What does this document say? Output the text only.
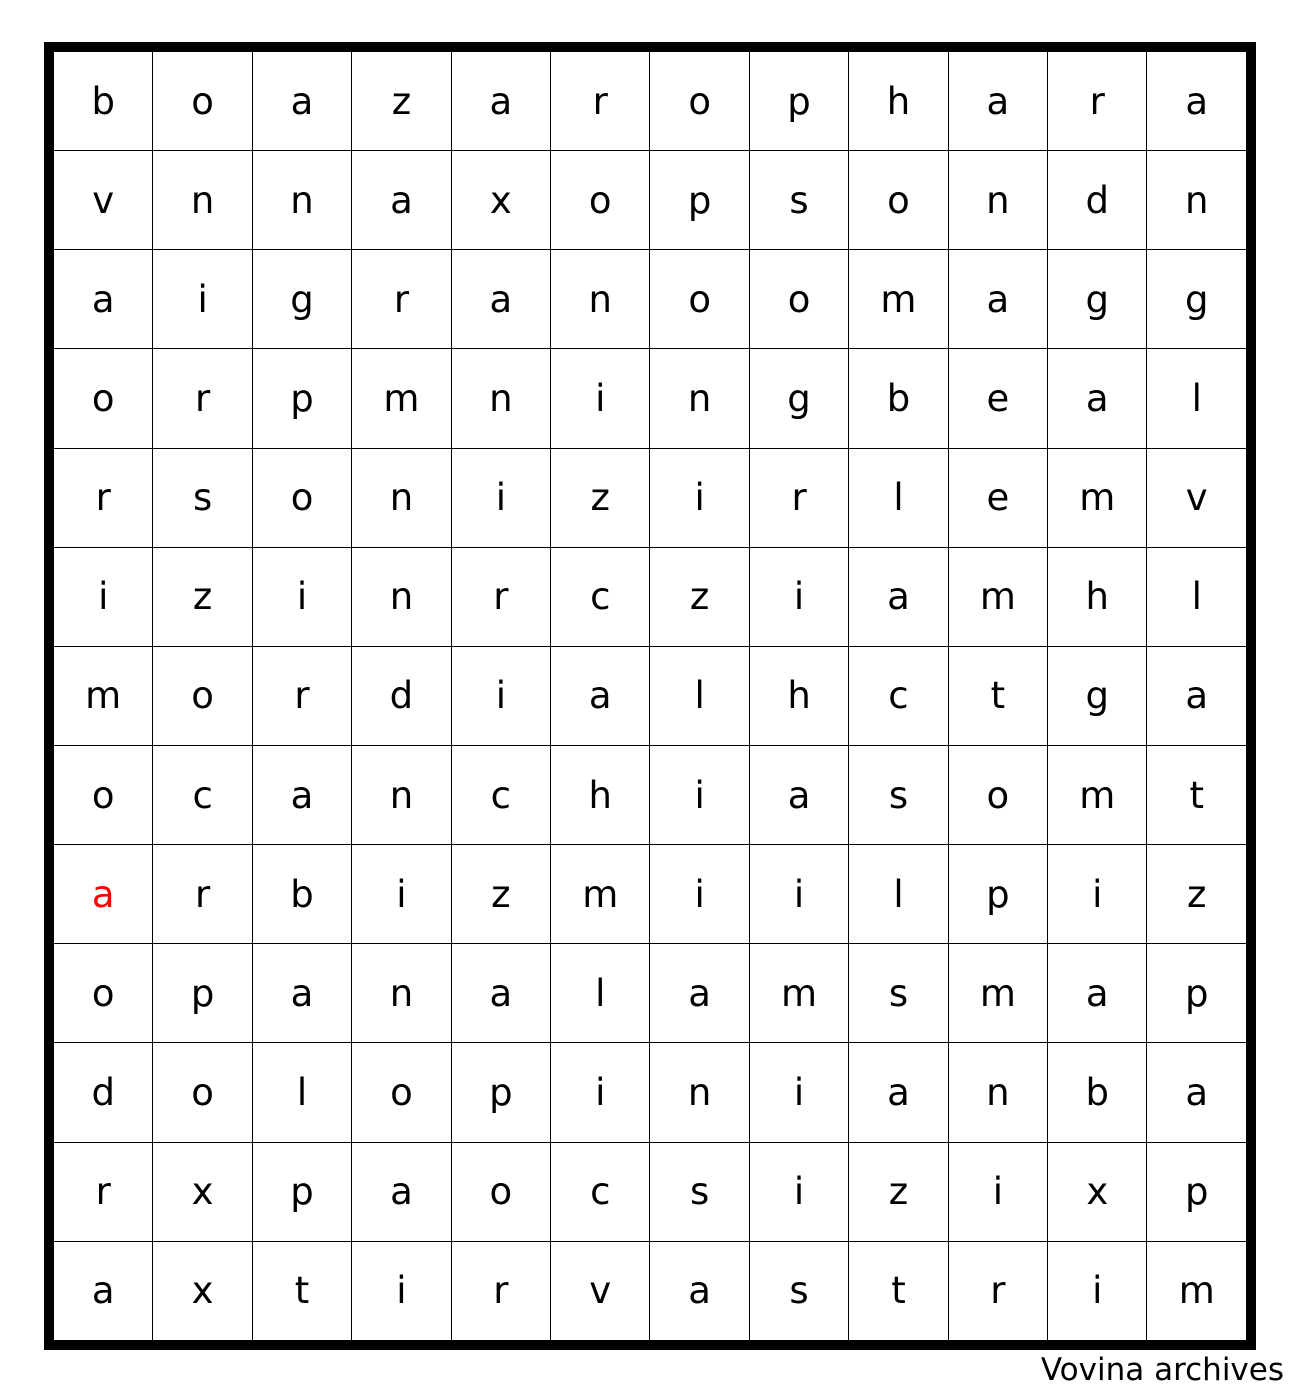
b	o	a	z	a	r	o	p	h	a	r	a
v	n	n	a	x	o	p	s	o	n	d	n
a	i	g	r	a	n	o	o	m	a	g	g
o	r	p	m	n	i	n	g	b	e	a	l
r	s	o	n	i	z	i	r	l	e	m	v
i	z	i	n	r	c	z	i	a	m	h	l
m	o	r	d	i	a	l	h	c	t	g	a
o	c	a	n	c	h	i	a	s	o	m	t
a	r	b	i	z	m	i	i	l	p	i	z
o	p	a	n	a	l	a	m	s	m	a	p
d	o	l	o	p	i	n	i	a	n	b	a
r	x	p	a	o	c	s	i	z	i	x	p
a	x	t	i	r	v	a	s	t	r	i	m
Vovina archives
